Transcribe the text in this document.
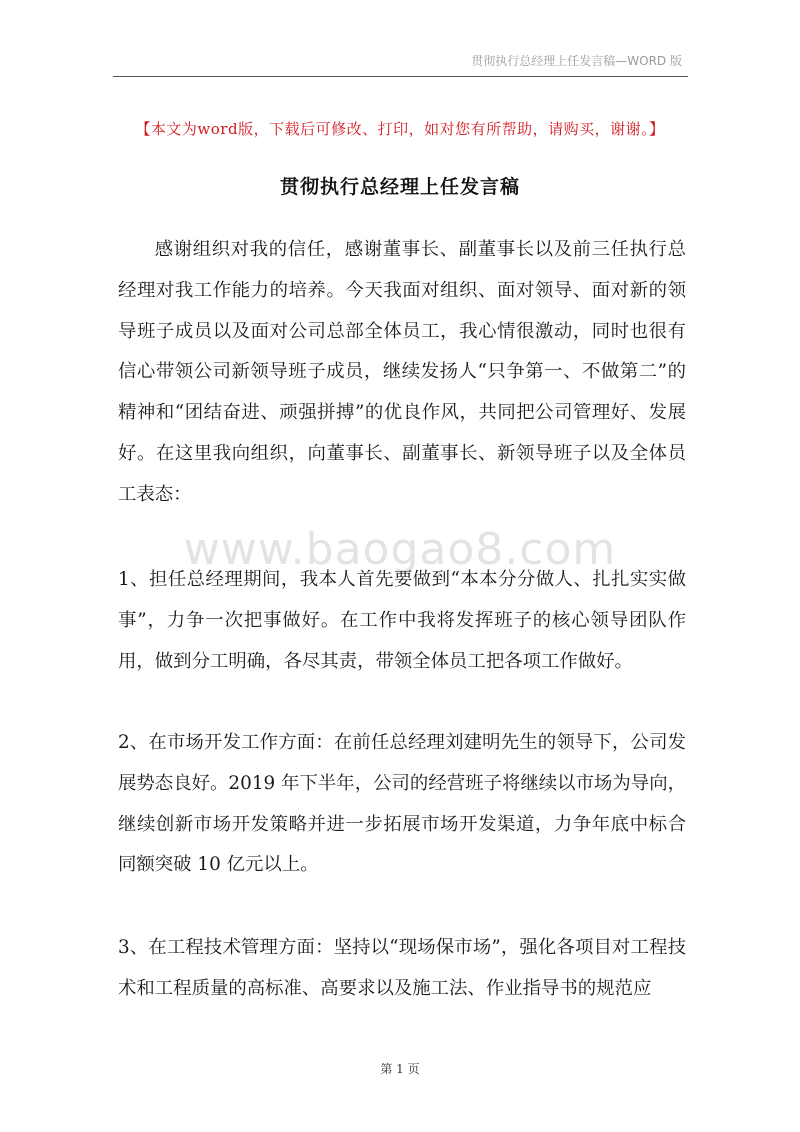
贯彻执行总经理上任发言稿—WORD 版
【本文为word版，下载后可修改、打印，如对您有所帮助，请购买，谢谢。】
贯彻执行总经理上任发言稿
www.baogao8.com

感谢组织对我的信任，感谢董事长、副董事长以及前三任执行总经理对我工作能力的培养。今天我面对组织、面对领导、面对新的领导班子成员以及面对公司总部全体员工，我心情很激动，同时也很有信心带领公司新领导班子成员，继续发扬人“只争第一、不做第二”的精神和“团结奋进、顽强拼搏”的优良作风，共同把公司管理好、发展好。在这里我向组织，向董事长、副董事长、新领导班子以及全体员工表态：

1、担任总经理期间，我本人首先要做到“本本分分做人、扎扎实实做事”，力争一次把事做好。在工作中我将发挥班子的核心领导团队作用，做到分工明确，各尽其责，带领全体员工把各项工作做好。

2、在市场开发工作方面：在前任总经理刘建明先生的领导下，公司发展势态良好。2019 年下半年，公司的经营班子将继续以市场为导向，继续创新市场开发策略并进一步拓展市场开发渠道，力争年底中标合同额突破 10 亿元以上。

3、在工程技术管理方面：坚持以“现场保市场”，强化各项目对工程技术和工程质量的高标准、高要求以及施工法、作业指导书的规范应

第 1 页
